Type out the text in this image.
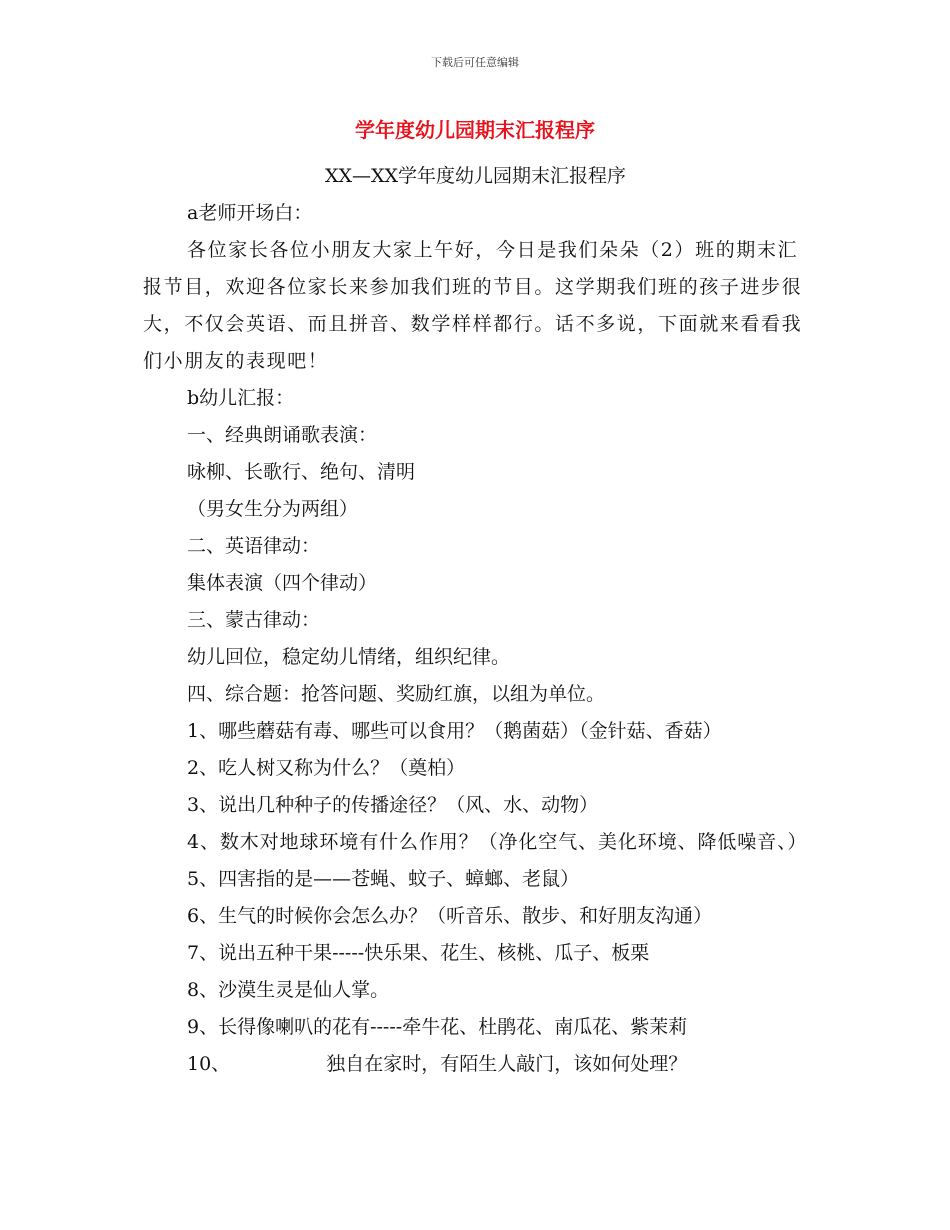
下载后可任意编辑
学年度幼儿园期末汇报程序

XX—XX学年度幼儿园期末汇报程序

a老师开场白：

各位家长各位小朋友大家上午好，今日是我们朵朵（2）班的期末汇报节目，欢迎各位家长来参加我们班的节目。这学期我们班的孩子进步很大，不仅会英语、而且拼音、数学样样都行。话不多说，下面就来看看我们小朋友的表现吧！

b幼儿汇报：

一、经典朗诵歌表演：

咏柳、长歌行、绝句、清明

（男女生分为两组）

二、英语律动：

集体表演（四个律动）

三、蒙古律动：

幼儿回位，稳定幼儿情绪，组织纪律。

四、综合题：抢答问题、奖励红旗，以组为单位。

1、哪些蘑菇有毒、哪些可以食用？（鹅菌菇）（金针菇、香菇）

2、吃人树又称为什么？（奠柏）

3、说出几种种子的传播途径？（风、水、动物）

4、数木对地球环境有什么作用？（净化空气、美化环境、降低噪音、）

5、四害指的是——苍蝇、蚊子、蟑螂、老鼠）

6、生气的时候你会怎么办？（听音乐、散步、和好朋友沟通）

7、说出五种干果-----快乐果、花生、核桃、瓜子、板栗

8、沙漠生灵是仙人掌。

9、长得像喇叭的花有-----牵牛花、杜鹃花、南瓜花、紫茉莉

10、	独自在家时，有陌生人敲门，该如何处理？
